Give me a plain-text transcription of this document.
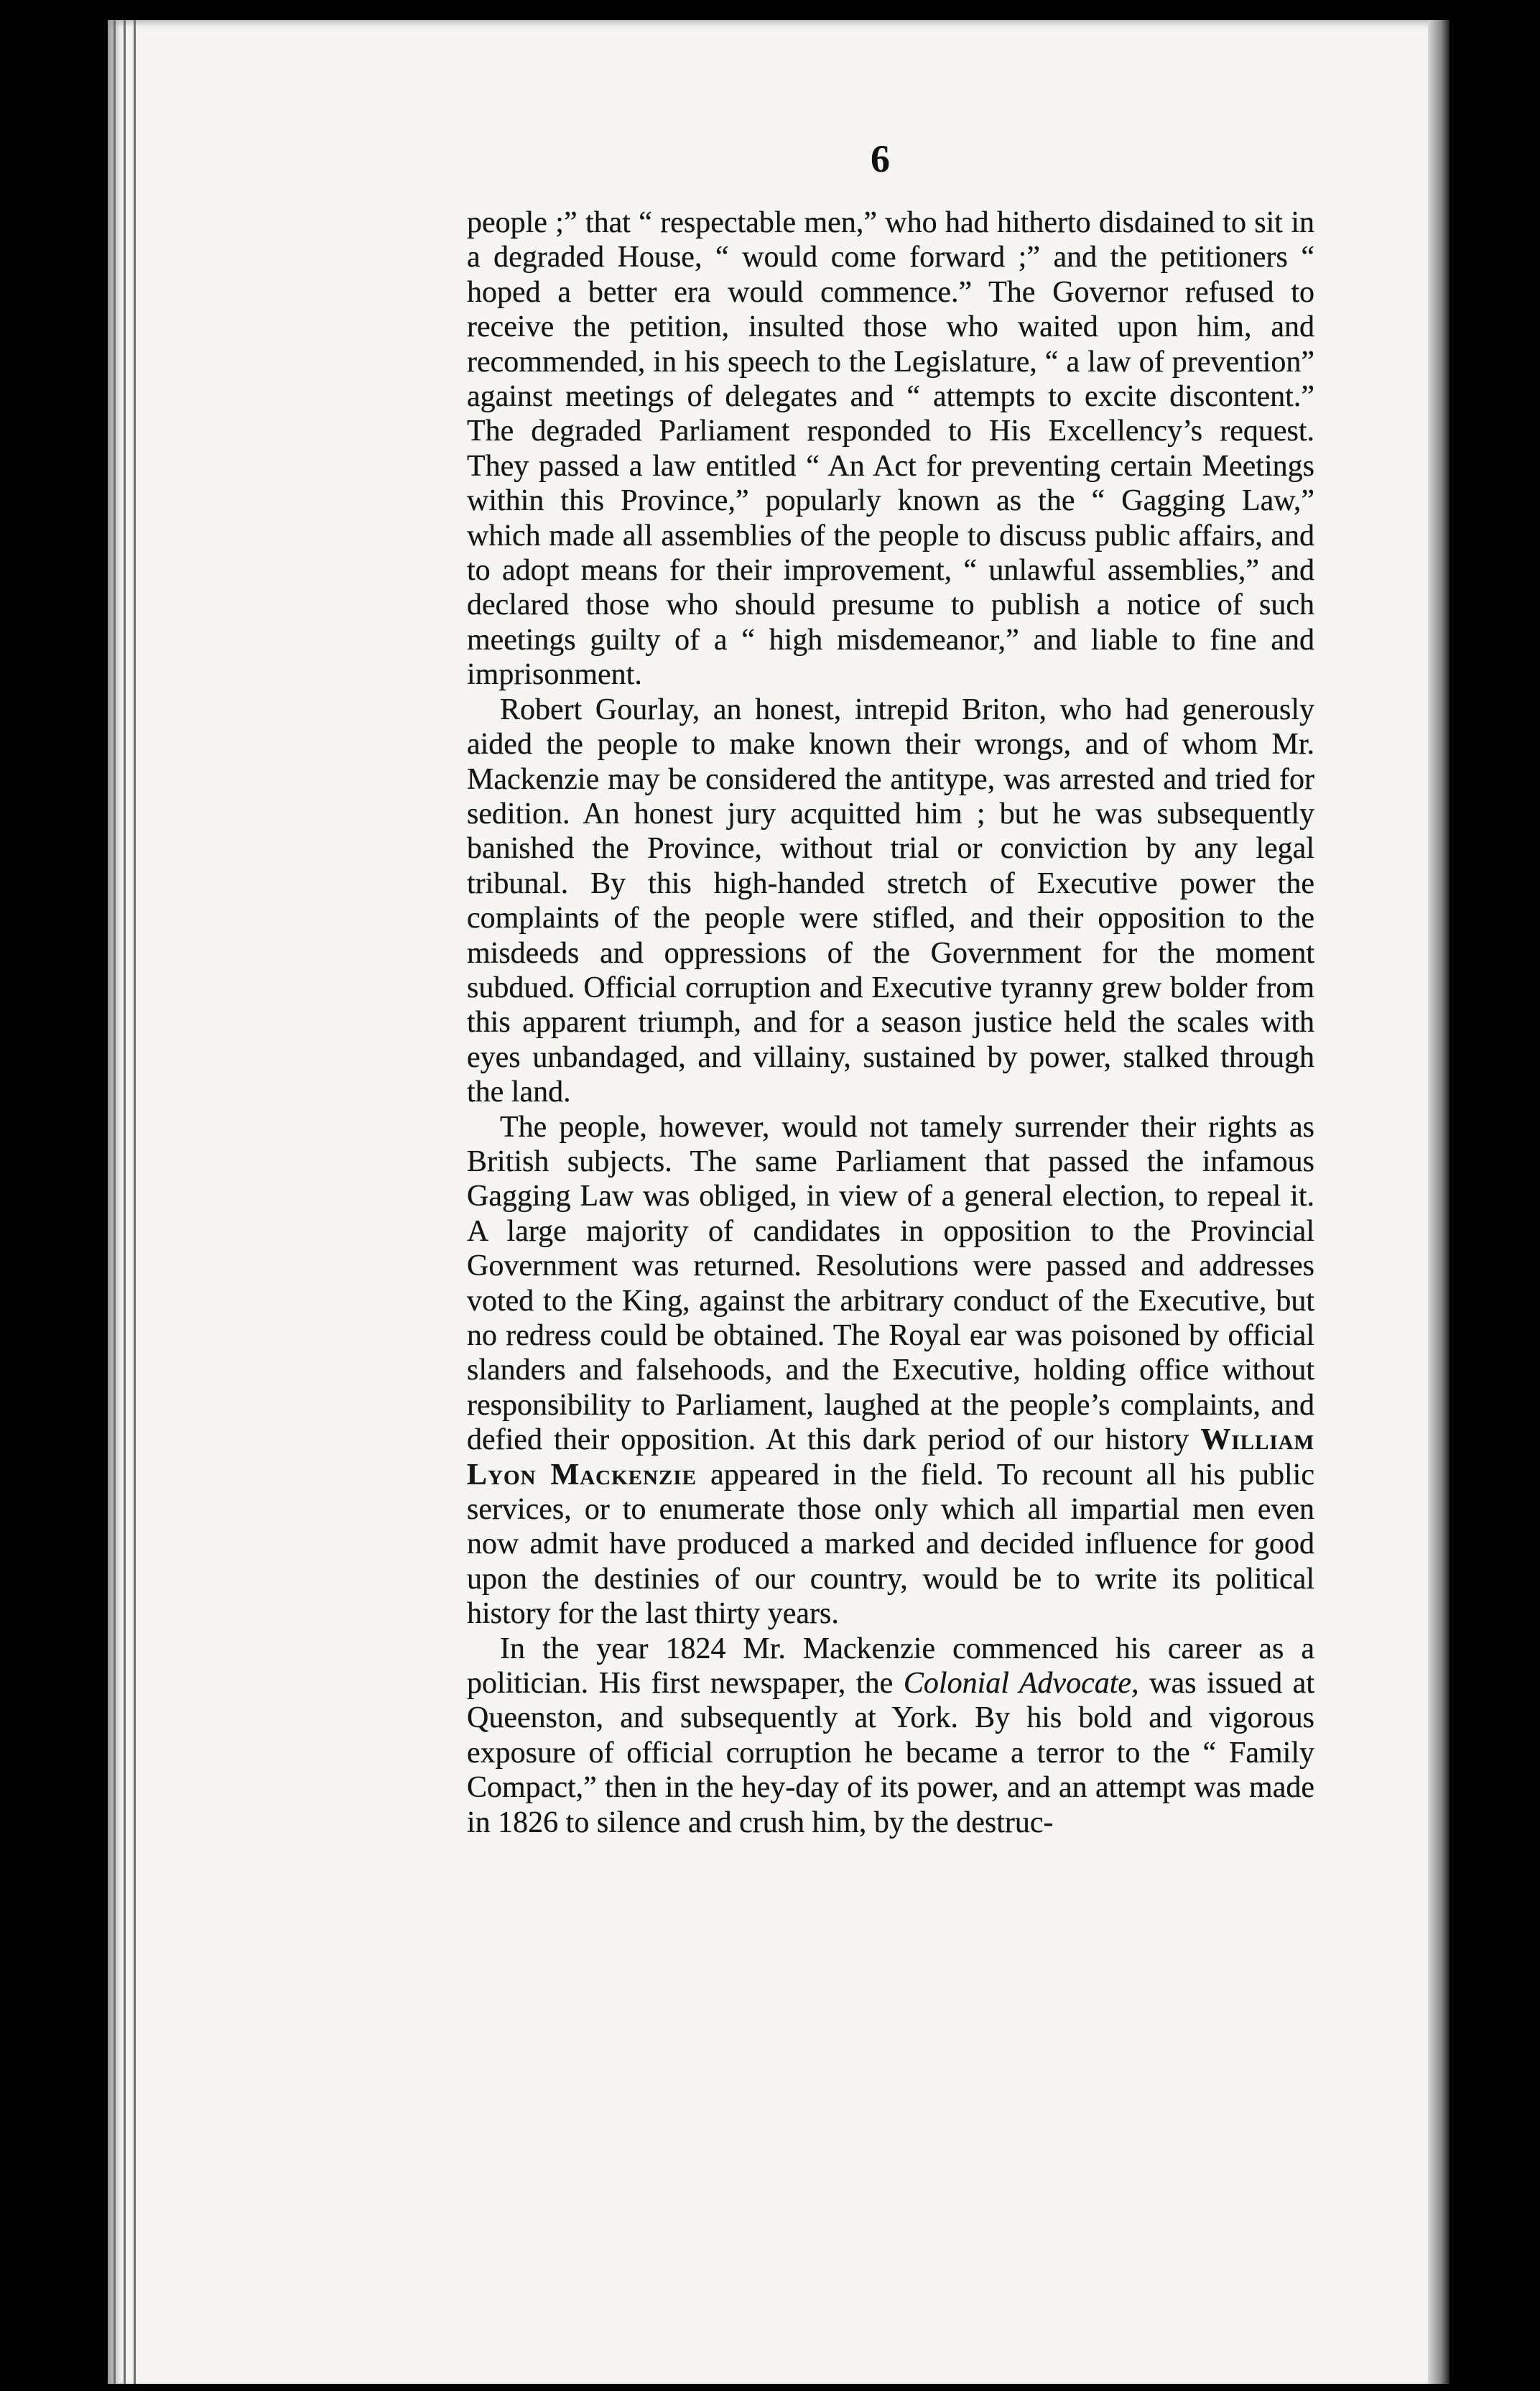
6

people ;” that “ respectable men,” who had hitherto disdained to sit in a degraded House, “ would come forward ;” and the petitioners “ hoped a better era would commence.” The Governor refused to receive the petition, insulted those who waited upon him, and recommended, in his speech to the Legislature, “ a law of prevention” against meetings of delegates and “ attempts to excite discontent.” The degraded Parliament responded to His Excellency’s request. They passed a law entitled “ An Act for preventing certain Meetings within this Province,” popularly known as the “ Gagging Law,” which made all assemblies of the people to discuss public affairs, and to adopt means for their improvement, “ unlawful assemblies,” and declared those who should presume to publish a notice of such meetings guilty of a “ high misdemeanor,” and liable to fine and imprisonment.

Robert Gourlay, an honest, intrepid Briton, who had generously aided the people to make known their wrongs, and of whom Mr. Mackenzie may be considered the antitype, was arrested and tried for sedition. An honest jury acquitted him ; but he was subsequently banished the Province, without trial or conviction by any legal tribunal. By this high-handed stretch of Executive power the complaints of the people were stifled, and their opposition to the misdeeds and oppressions of the Government for the moment subdued. Official corruption and Executive tyranny grew bolder from this apparent triumph, and for a season justice held the scales with eyes unbandaged, and villainy, sustained by power, stalked through the land.

The people, however, would not tamely surrender their rights as British subjects. The same Parliament that passed the infamous Gagging Law was obliged, in view of a general election, to repeal it. A large majority of candidates in opposition to the Provincial Government was returned. Resolutions were passed and addresses voted to the King, against the arbitrary conduct of the Executive, but no redress could be obtained. The Royal ear was poisoned by official slanders and falsehoods, and the Executive, holding office without responsibility to Parliament, laughed at the people’s complaints, and defied their opposition. At this dark period of our history William Lyon Mackenzie appeared in the field. To recount all his public services, or to enumerate those only which all impartial men even now admit have produced a marked and decided influence for good upon the destinies of our country, would be to write its political history for the last thirty years.

In the year 1824 Mr. Mackenzie commenced his career as a politician. His first newspaper, the Colonial Advocate, was issued at Queenston, and subsequently at York. By his bold and vigorous exposure of official corruption he became a terror to the “ Family Compact,” then in the hey-day of its power, and an attempt was made in 1826 to silence and crush him, by the destruc-
